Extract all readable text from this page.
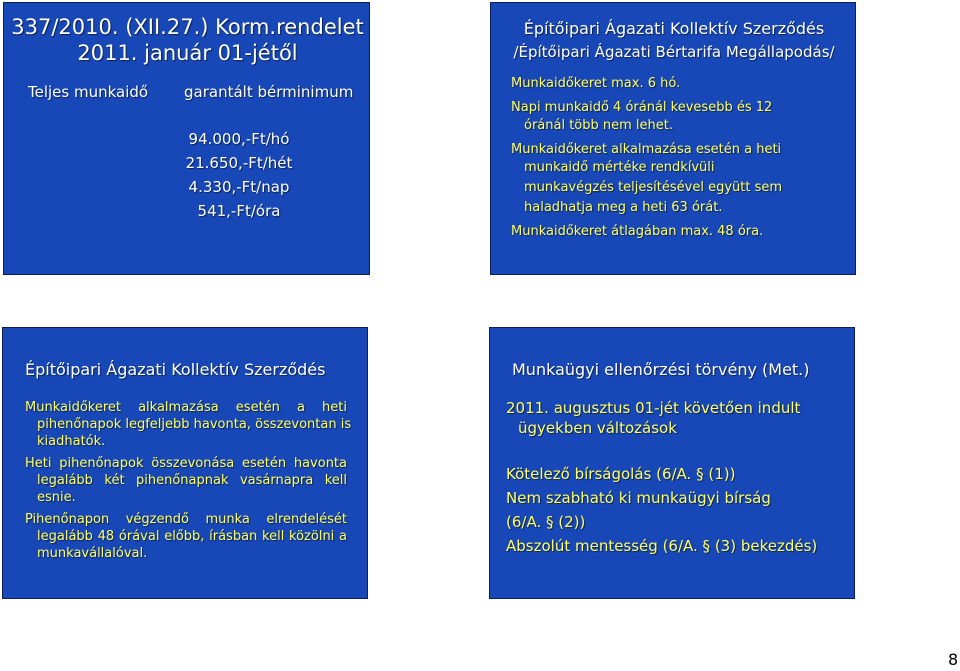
337/2010. (XII.27.) Korm.rendelet
2011. január 01-jétől
Teljes munkaidő garantált bérminimum
94.000,-Ft/hó
21.650,-Ft/hét
4.330,-Ft/nap
541,-Ft/óra
Építőipari Ágazati Kollektív Szerződés
/Építőipari Ágazati Bértarifa Megállapodás/
Munkaidőkeret max. 6 hó.
Napi munkaidő 4 óránál kevesebb és 12
óránál több nem lehet.
Munkaidőkeret alkalmazása esetén a heti
munkaidő mértéke rendkívüli
munkavégzés teljesítésével együtt sem
haladhatja meg a heti 63 órát.
Munkaidőkeret átlagában max. 48 óra.
Építőipari Ágazati Kollektív Szerződés
Munkaidőkeret alkalmazása esetén a heti
pihenőnapok legfeljebb havonta, összevontan is
kiadhatók.
Heti pihenőnapok összevonása esetén havonta
legalább két pihenőnapnak vasárnapra kell
esnie.
Pihenőnapon végzendő munka elrendelését
legalább 48 órával előbb, írásban kell közölni a
munkavállalóval.
Munkaügyi ellenőrzési törvény (Met.)
2011. augusztus 01-jét követően indult
ügyekben változások
Kötelező bírságolás (6/A. § (1))
Nem szabható ki munkaügyi bírság
(6/A. § (2))
Abszolút mentesség (6/A. § (3) bekezdés)
8
